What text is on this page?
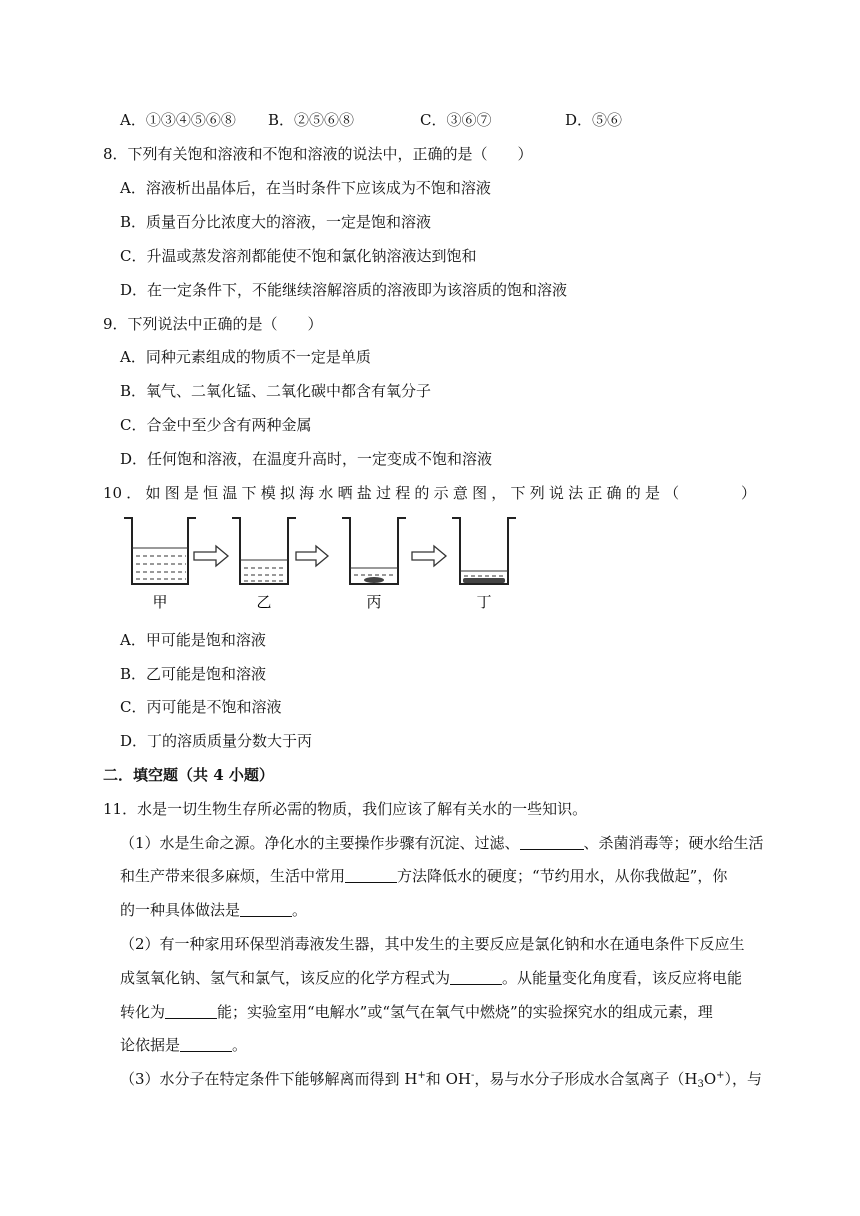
A．①③④⑤⑥⑧ B．②⑤⑥⑧	C．③⑥⑦	D．⑤⑥
8．下列有关饱和溶液和不饱和溶液的说法中，正确的是（　　）
A．溶液析出晶体后，在当时条件下应该成为不饱和溶液
B．质量百分比浓度大的溶液，一定是饱和溶液
C．升温或蒸发溶剂都能使不饱和氯化钠溶液达到饱和
D．在一定条件下，不能继续溶解溶质的溶液即为该溶质的饱和溶液
9．下列说法中正确的是（　　）
A．同种元素组成的物质不一定是单质
B．氧气、二氧化锰、二氧化碳中都含有氧分子
C．合金中至少含有两种金属
D．任何饱和溶液，在温度升高时，一定变成不饱和溶液
10．如图是恒温下模拟海水晒盐过程的示意图，下列说法正确的是（　　　）
甲	乙	丙	丁
A．甲可能是饱和溶液
B．乙可能是饱和溶液
C．丙可能是不饱和溶液
D．丁的溶质质量分数大于丙
二．填空题（共 4 小题）
11．水是一切生物生存所必需的物质，我们应该了解有关水的一些知识。
（1）水是生命之源。净化水的主要操作步骤有沉淀、过滤、	、杀菌消毒等；硬水给生活
和生产带来很多麻烦，生活中常用	方法降低水的硬度；“节约用水，从你我做起”，你
的一种具体做法是	。
（2）有一种家用环保型消毒液发生器，其中发生的主要反应是氯化钠和水在通电条件下反应生
成氢氧化钠、氢气和氯气，该反应的化学方程式为	。从能量变化角度看，该反应将电能
转化为	能；实验室用“电解水”或“氢气在氧气中燃烧”的实验探究水的组成元素，理
论依据是	。
（3）水分子在特定条件下能够解离而得到 H+和 OH-，易与水分子形成水合氢离子$(H_3O^+)$，与
